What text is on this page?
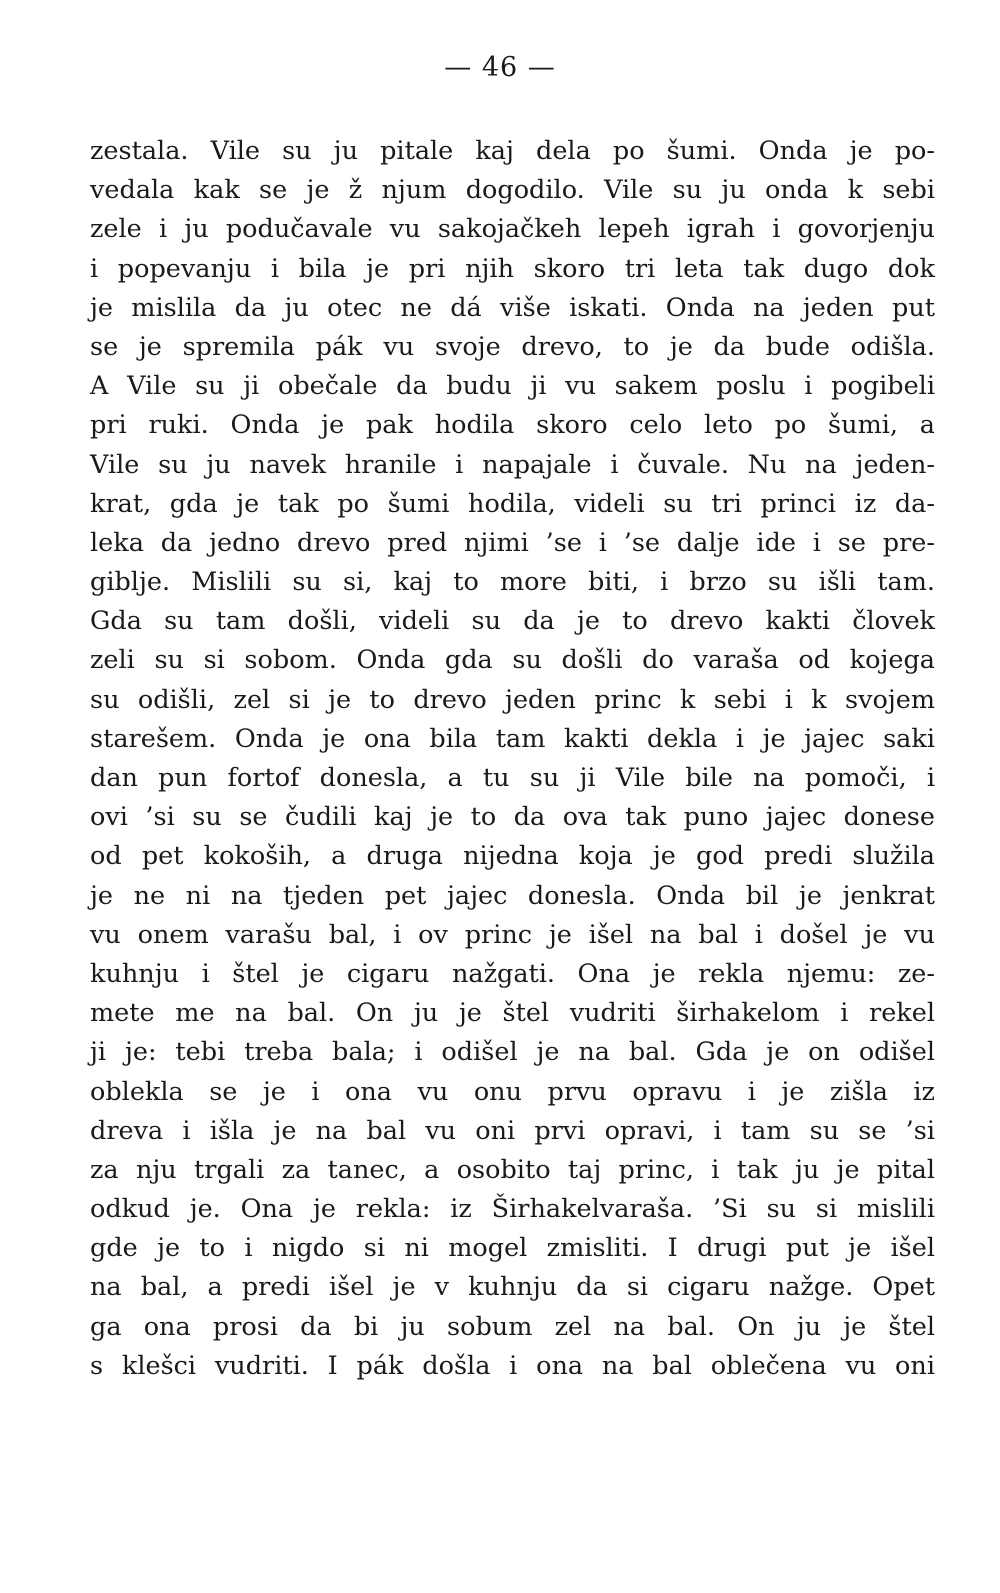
— 46 —
zestala. Vile su ju pitale kaj dela po šumi. Onda je po-
vedala kak se je ž njum dogodilo. Vile su ju onda k sebi
zele i ju podučavale vu sakojačkeh lepeh igrah i govorjenju
i popevanju i bila je pri njih skoro tri leta tak dugo dok
je mislila da ju otec ne dá više iskati. Onda na jeden put
se je spremila pák vu svoje drevo, to je da bude odišla.
A Vile su ji obečale da budu ji vu sakem poslu i pogibeli
pri ruki. Onda je pak hodila skoro celo leto po šumi, a
Vile su ju navek hranile i napajale i čuvale. Nu na jeden-
krat, gda je tak po šumi hodila, videli su tri princi iz da-
leka da jedno drevo pred njimi ’se i ’se dalje ide i se pre-
giblje. Mislili su si, kaj to more biti, i brzo su išli tam.
Gda su tam došli, videli su da je to drevo kakti človek
zeli su si sobom. Onda gda su došli do varaša od kojega
su odišli, zel si je to drevo jeden princ k sebi i k svojem
starešem. Onda je ona bila tam kakti dekla i je jajec saki
dan pun fortof donesla, a tu su ji Vile bile na pomoči, i
ovi ’si su se čudili kaj je to da ova tak puno jajec donese
od pet kokoših, a druga nijedna koja je god predi služila
je ne ni na tjeden pet jajec donesla. Onda bil je jenkrat
vu onem varašu bal, i ov princ je išel na bal i došel je vu
kuhnju i štel je cigaru nažgati. Ona je rekla njemu: ze-
mete me na bal. On ju je štel vudriti širhakelom i rekel
ji je: tebi treba bala; i odišel je na bal. Gda je on odišel
oblekla se je i ona vu onu prvu opravu i je zišla iz
dreva i išla je na bal vu oni prvi opravi, i tam su se ’si
za nju trgali za tanec, a osobito taj princ, i tak ju je pital
odkud je. Ona je rekla: iz Širhakelvaraša. ’Si su si mislili
gde je to i nigdo si ni mogel zmisliti. I drugi put je išel
na bal, a predi išel je v kuhnju da si cigaru nažge. Opet
ga ona prosi da bi ju sobum zel na bal. On ju je štel
s klešci vudriti. I pák došla i ona na bal oblečena vu oni
